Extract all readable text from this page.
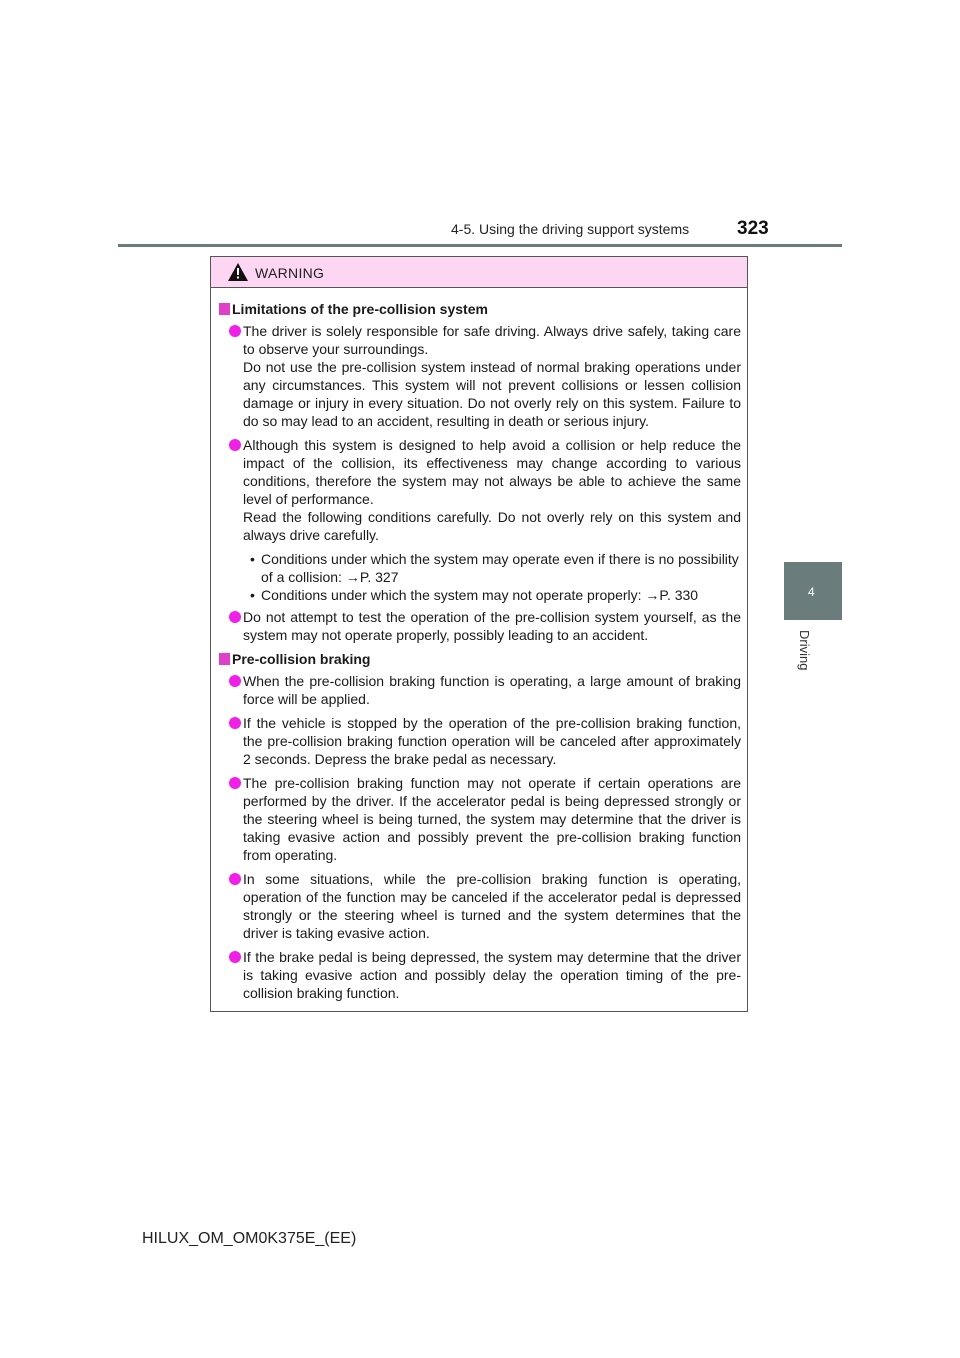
4-5. Using the driving support systems	323
4
Driving
WARNING
Limitations of the pre-collision system

The driver is solely responsible for safe driving. Always drive safely, taking care to observe your surroundings.

Do not use the pre-collision system instead of normal braking operations under any circumstances. This system will not prevent collisions or lessen collision damage or injury in every situation. Do not overly rely on this system. Failure to do so may lead to an accident, resulting in death or serious injury.

Although this system is designed to help avoid a collision or help reduce the impact of the collision, its effectiveness may change according to various conditions, therefore the system may not always be able to achieve the same level of performance.

Read the following conditions carefully. Do not overly rely on this system and always drive carefully.

• Conditions under which the system may operate even if there is no possibility of a collision: →P. 327
• Conditions under which the system may not operate properly: →P. 330

Do not attempt to test the operation of the pre-collision system yourself, as the system may not operate properly, possibly leading to an accident.

Pre-collision braking

When the pre-collision braking function is operating, a large amount of braking force will be applied.

If the vehicle is stopped by the operation of the pre-collision braking function, the pre-collision braking function operation will be canceled after approximately 2 seconds. Depress the brake pedal as necessary.

The pre-collision braking function may not operate if certain operations are performed by the driver. If the accelerator pedal is being depressed strongly or the steering wheel is being turned, the system may determine that the driver is taking evasive action and possibly prevent the pre-collision braking function from operating.

In some situations, while the pre-collision braking function is operating, operation of the function may be canceled if the accelerator pedal is depressed strongly or the steering wheel is turned and the system determines that the driver is taking evasive action.

If the brake pedal is being depressed, the system may determine that the driver is taking evasive action and possibly delay the operation timing of the pre-collision braking function.

HILUX_OM_OM0K375E_(EE)
